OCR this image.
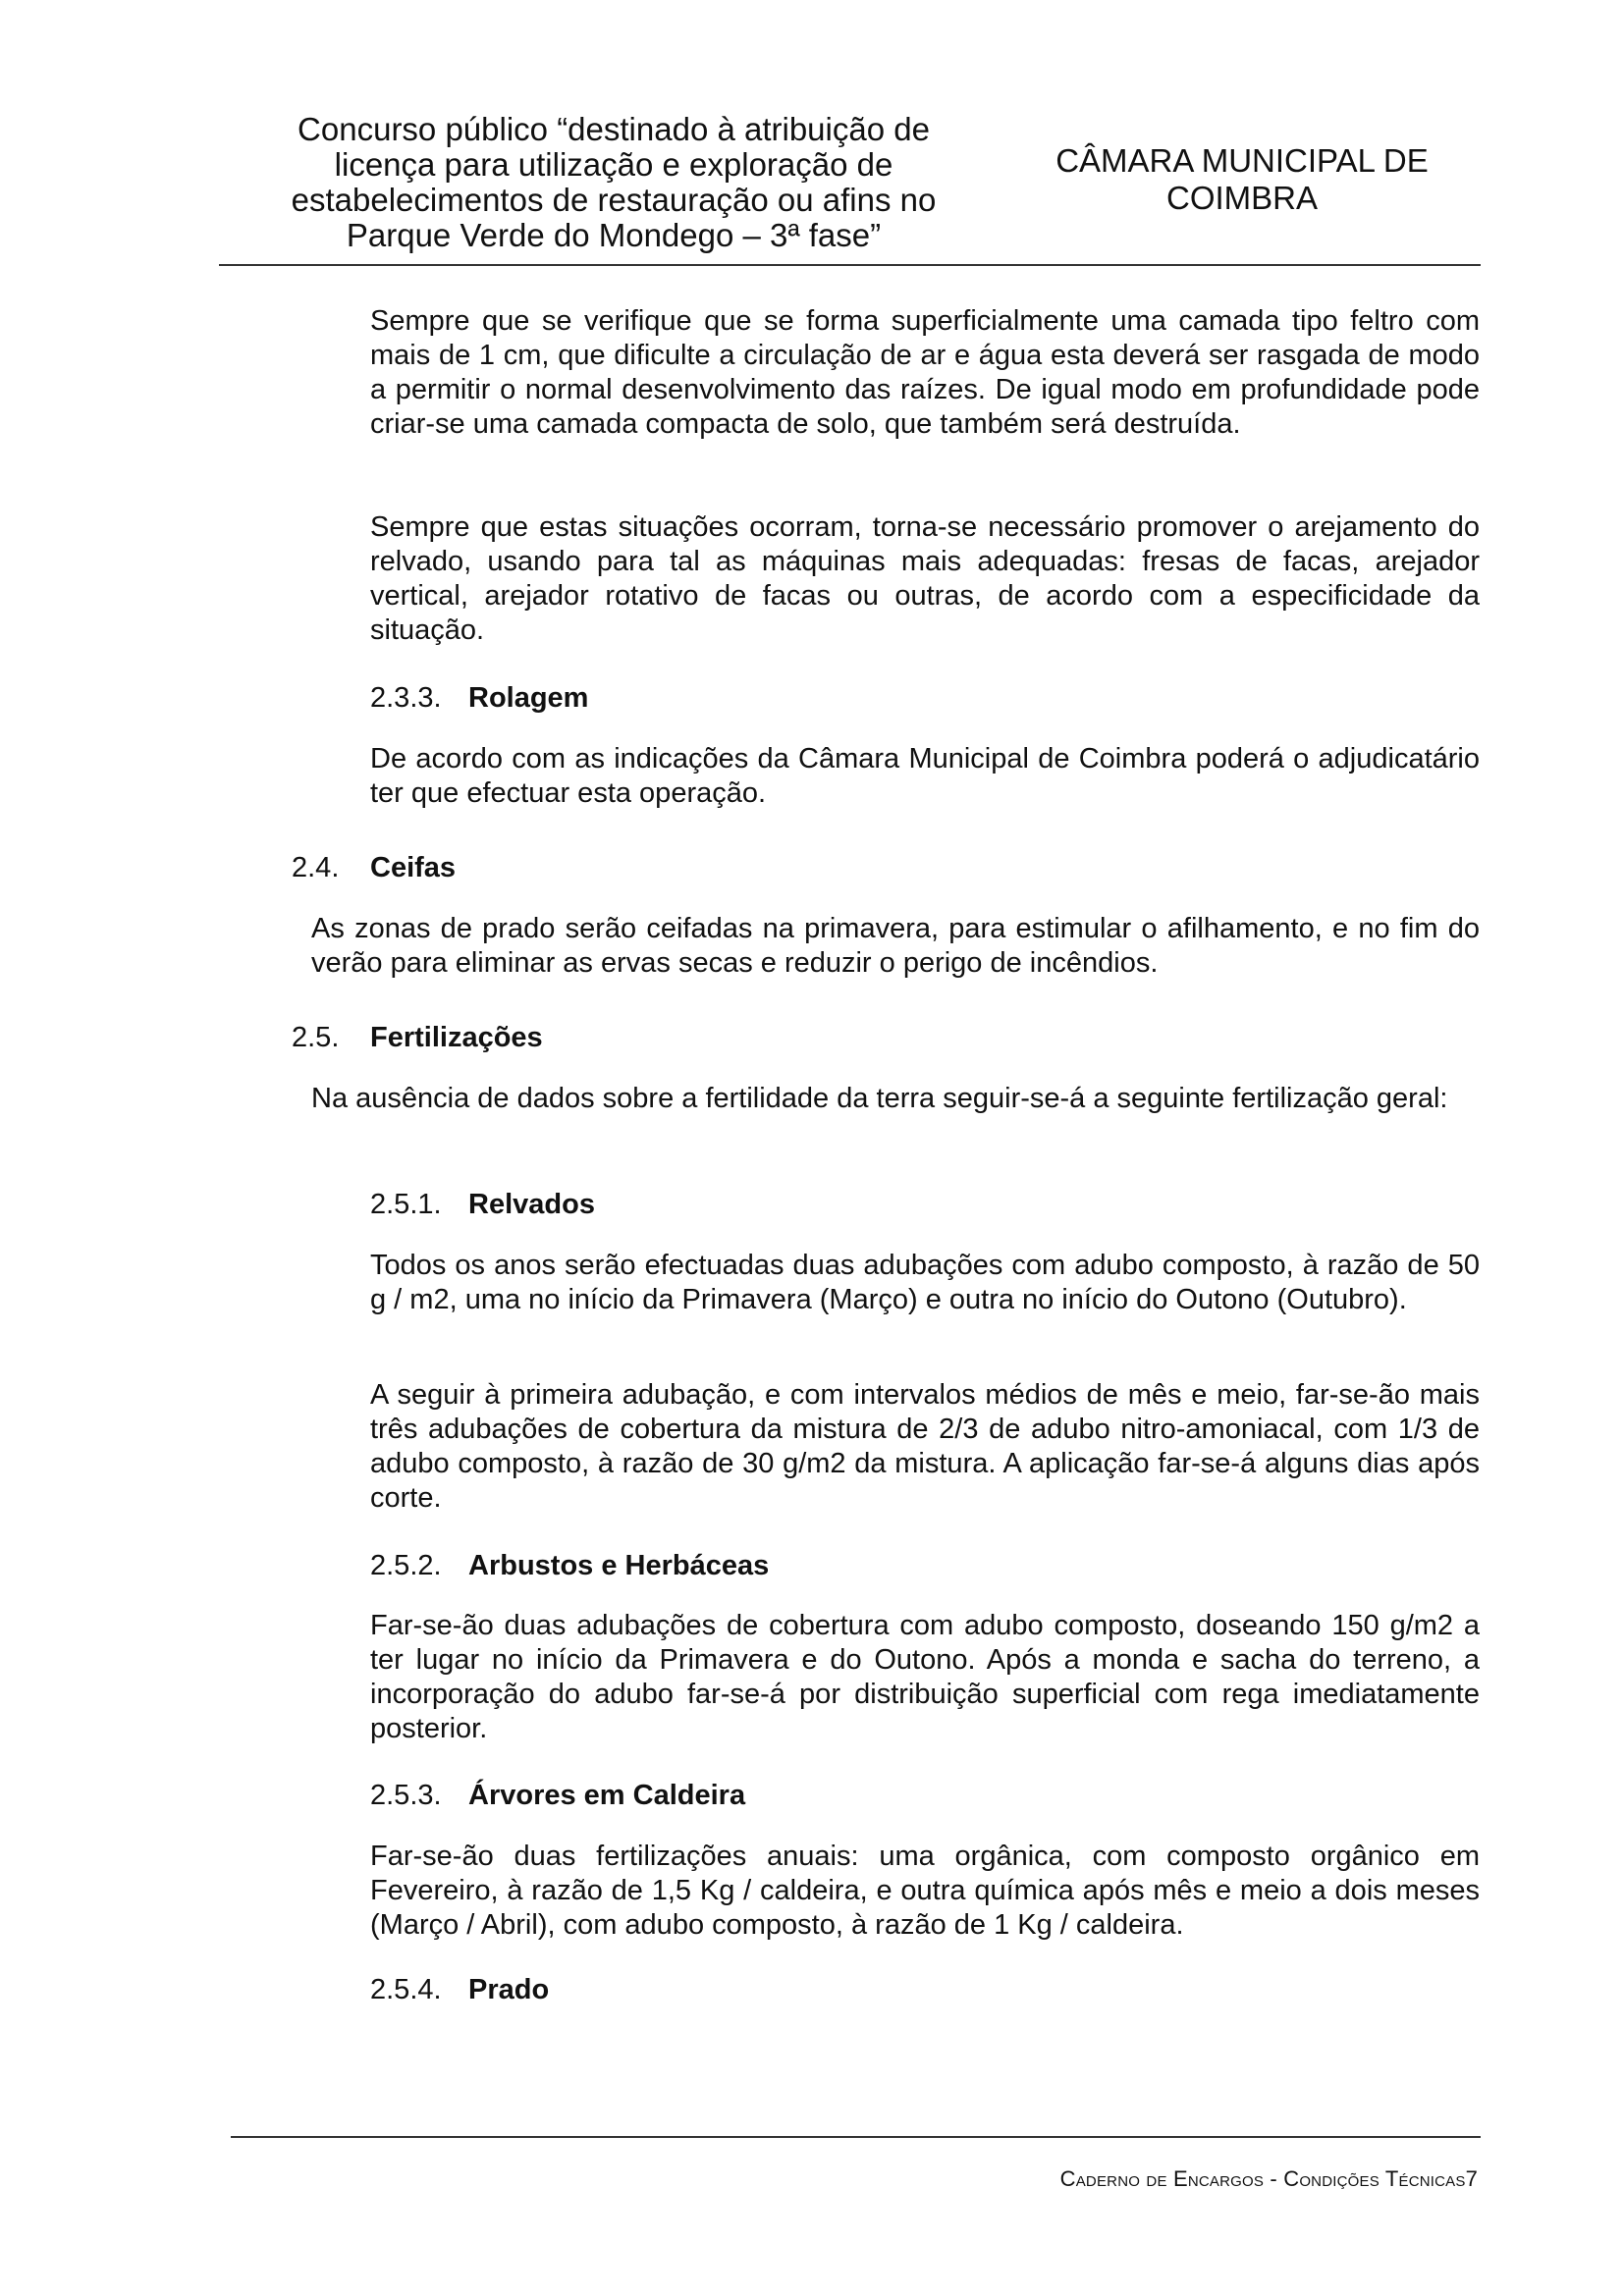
Concurso público “destinado à atribuição de
licença para utilização e exploração de
estabelecimentos de restauração ou afins no
Parque Verde do Mondego – 3ª fase”
CÂMARA MUNICIPAL DE
COIMBRA

Sempre que se verifique que se forma superficialmente uma camada tipo feltro com mais de 1 cm, que dificulte a circulação de ar e água esta deverá ser rasgada de modo a permitir o normal desenvolvimento das raízes. De igual modo em profundidade pode criar-se uma camada compacta de solo, que também será destruída.

Sempre que estas situações ocorram, torna-se necessário promover o arejamento do relvado, usando para tal as máquinas mais adequadas: fresas de facas, arejador vertical, arejador rotativo de facas ou outras, de acordo com a especificidade da situação.

2.3.3. Rolagem

De acordo com as indicações da Câmara Municipal de Coimbra poderá o adjudicatário ter que efectuar esta operação.

2.4. Ceifas

As zonas de prado serão ceifadas na primavera, para estimular o afilhamento, e no fim do verão para eliminar as ervas secas e reduzir o perigo de incêndios.

2.5. Fertilizações

Na ausência de dados sobre a fertilidade da terra seguir-se-á a seguinte fertilização geral:

2.5.1. Relvados

Todos os anos serão efectuadas duas adubações com adubo composto, à razão de 50 g / m2, uma no início da Primavera (Março) e outra no início do Outono (Outubro).

A seguir à primeira adubação, e com intervalos médios de mês e meio, far-se-ão mais três adubações de cobertura da mistura de 2/3 de adubo nitro-amoniacal, com 1/3 de adubo composto, à razão de 30 g/m2 da mistura. A aplicação far-se-á alguns dias após corte.

2.5.2. Arbustos e Herbáceas

Far-se-ão duas adubações de cobertura com adubo composto, doseando 150 g/m2 a ter lugar no início da Primavera e do Outono. Após a monda e sacha do terreno, a incorporação do adubo far-se-á por distribuição superficial com rega imediatamente posterior.

2.5.3. Árvores em Caldeira

Far-se-ão duas fertilizações anuais: uma orgânica, com composto orgânico em Fevereiro, à razão de 1,5 Kg / caldeira, e outra química após mês e meio a dois meses (Março / Abril), com adubo composto, à razão de 1 Kg / caldeira.

2.5.4. Prado
Caderno de Encargos - Condições Técnicas7
